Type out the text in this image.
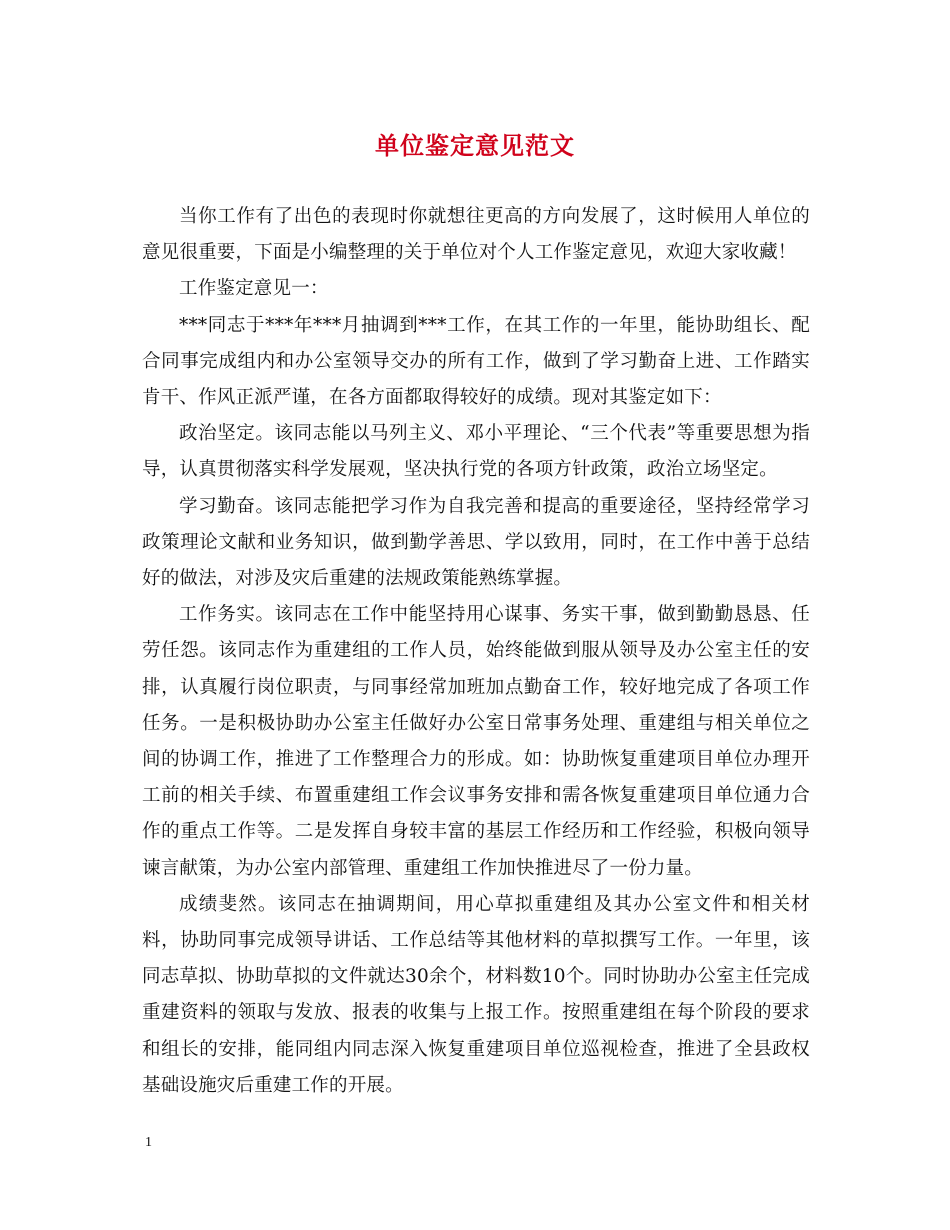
单位鉴定意见范文

当你工作有了出色的表现时你就想往更高的方向发展了，这时候用人单位的意见很重要，下面是小编整理的关于单位对个人工作鉴定意见，欢迎大家收藏！

工作鉴定意见一：

***同志于***年***月抽调到***工作，在其工作的一年里，能协助组长、配合同事完成组内和办公室领导交办的所有工作，做到了学习勤奋上进、工作踏实肯干、作风正派严谨，在各方面都取得较好的成绩。现对其鉴定如下：

政治坚定。该同志能以马列主义、邓小平理论、“三个代表”等重要思想为指导，认真贯彻落实科学发展观，坚决执行党的各项方针政策，政治立场坚定。

学习勤奋。该同志能把学习作为自我完善和提高的重要途径，坚持经常学习政策理论文献和业务知识，做到勤学善思、学以致用，同时，在工作中善于总结好的做法，对涉及灾后重建的法规政策能熟练掌握。

工作务实。该同志在工作中能坚持用心谋事、务实干事，做到勤勤恳恳、任劳任怨。该同志作为重建组的工作人员，始终能做到服从领导及办公室主任的安排，认真履行岗位职责，与同事经常加班加点勤奋工作，较好地完成了各项工作任务。一是积极协助办公室主任做好办公室日常事务处理、重建组与相关单位之间的协调工作，推进了工作整理合力的形成。如：协助恢复重建项目单位办理开工前的相关手续、布置重建组工作会议事务安排和需各恢复重建项目单位通力合作的重点工作等。二是发挥自身较丰富的基层工作经历和工作经验，积极向领导谏言献策，为办公室内部管理、重建组工作加快推进尽了一份力量。

成绩斐然。该同志在抽调期间，用心草拟重建组及其办公室文件和相关材料，协助同事完成领导讲话、工作总结等其他材料的草拟撰写工作。一年里，该同志草拟、协助草拟的文件就达30余个，材料数10个。同时协助办公室主任完成重建资料的领取与发放、报表的收集与上报工作。按照重建组在每个阶段的要求和组长的安排，能同组内同志深入恢复重建项目单位巡视检查，推进了全县政权基础设施灾后重建工作的开展。

1
